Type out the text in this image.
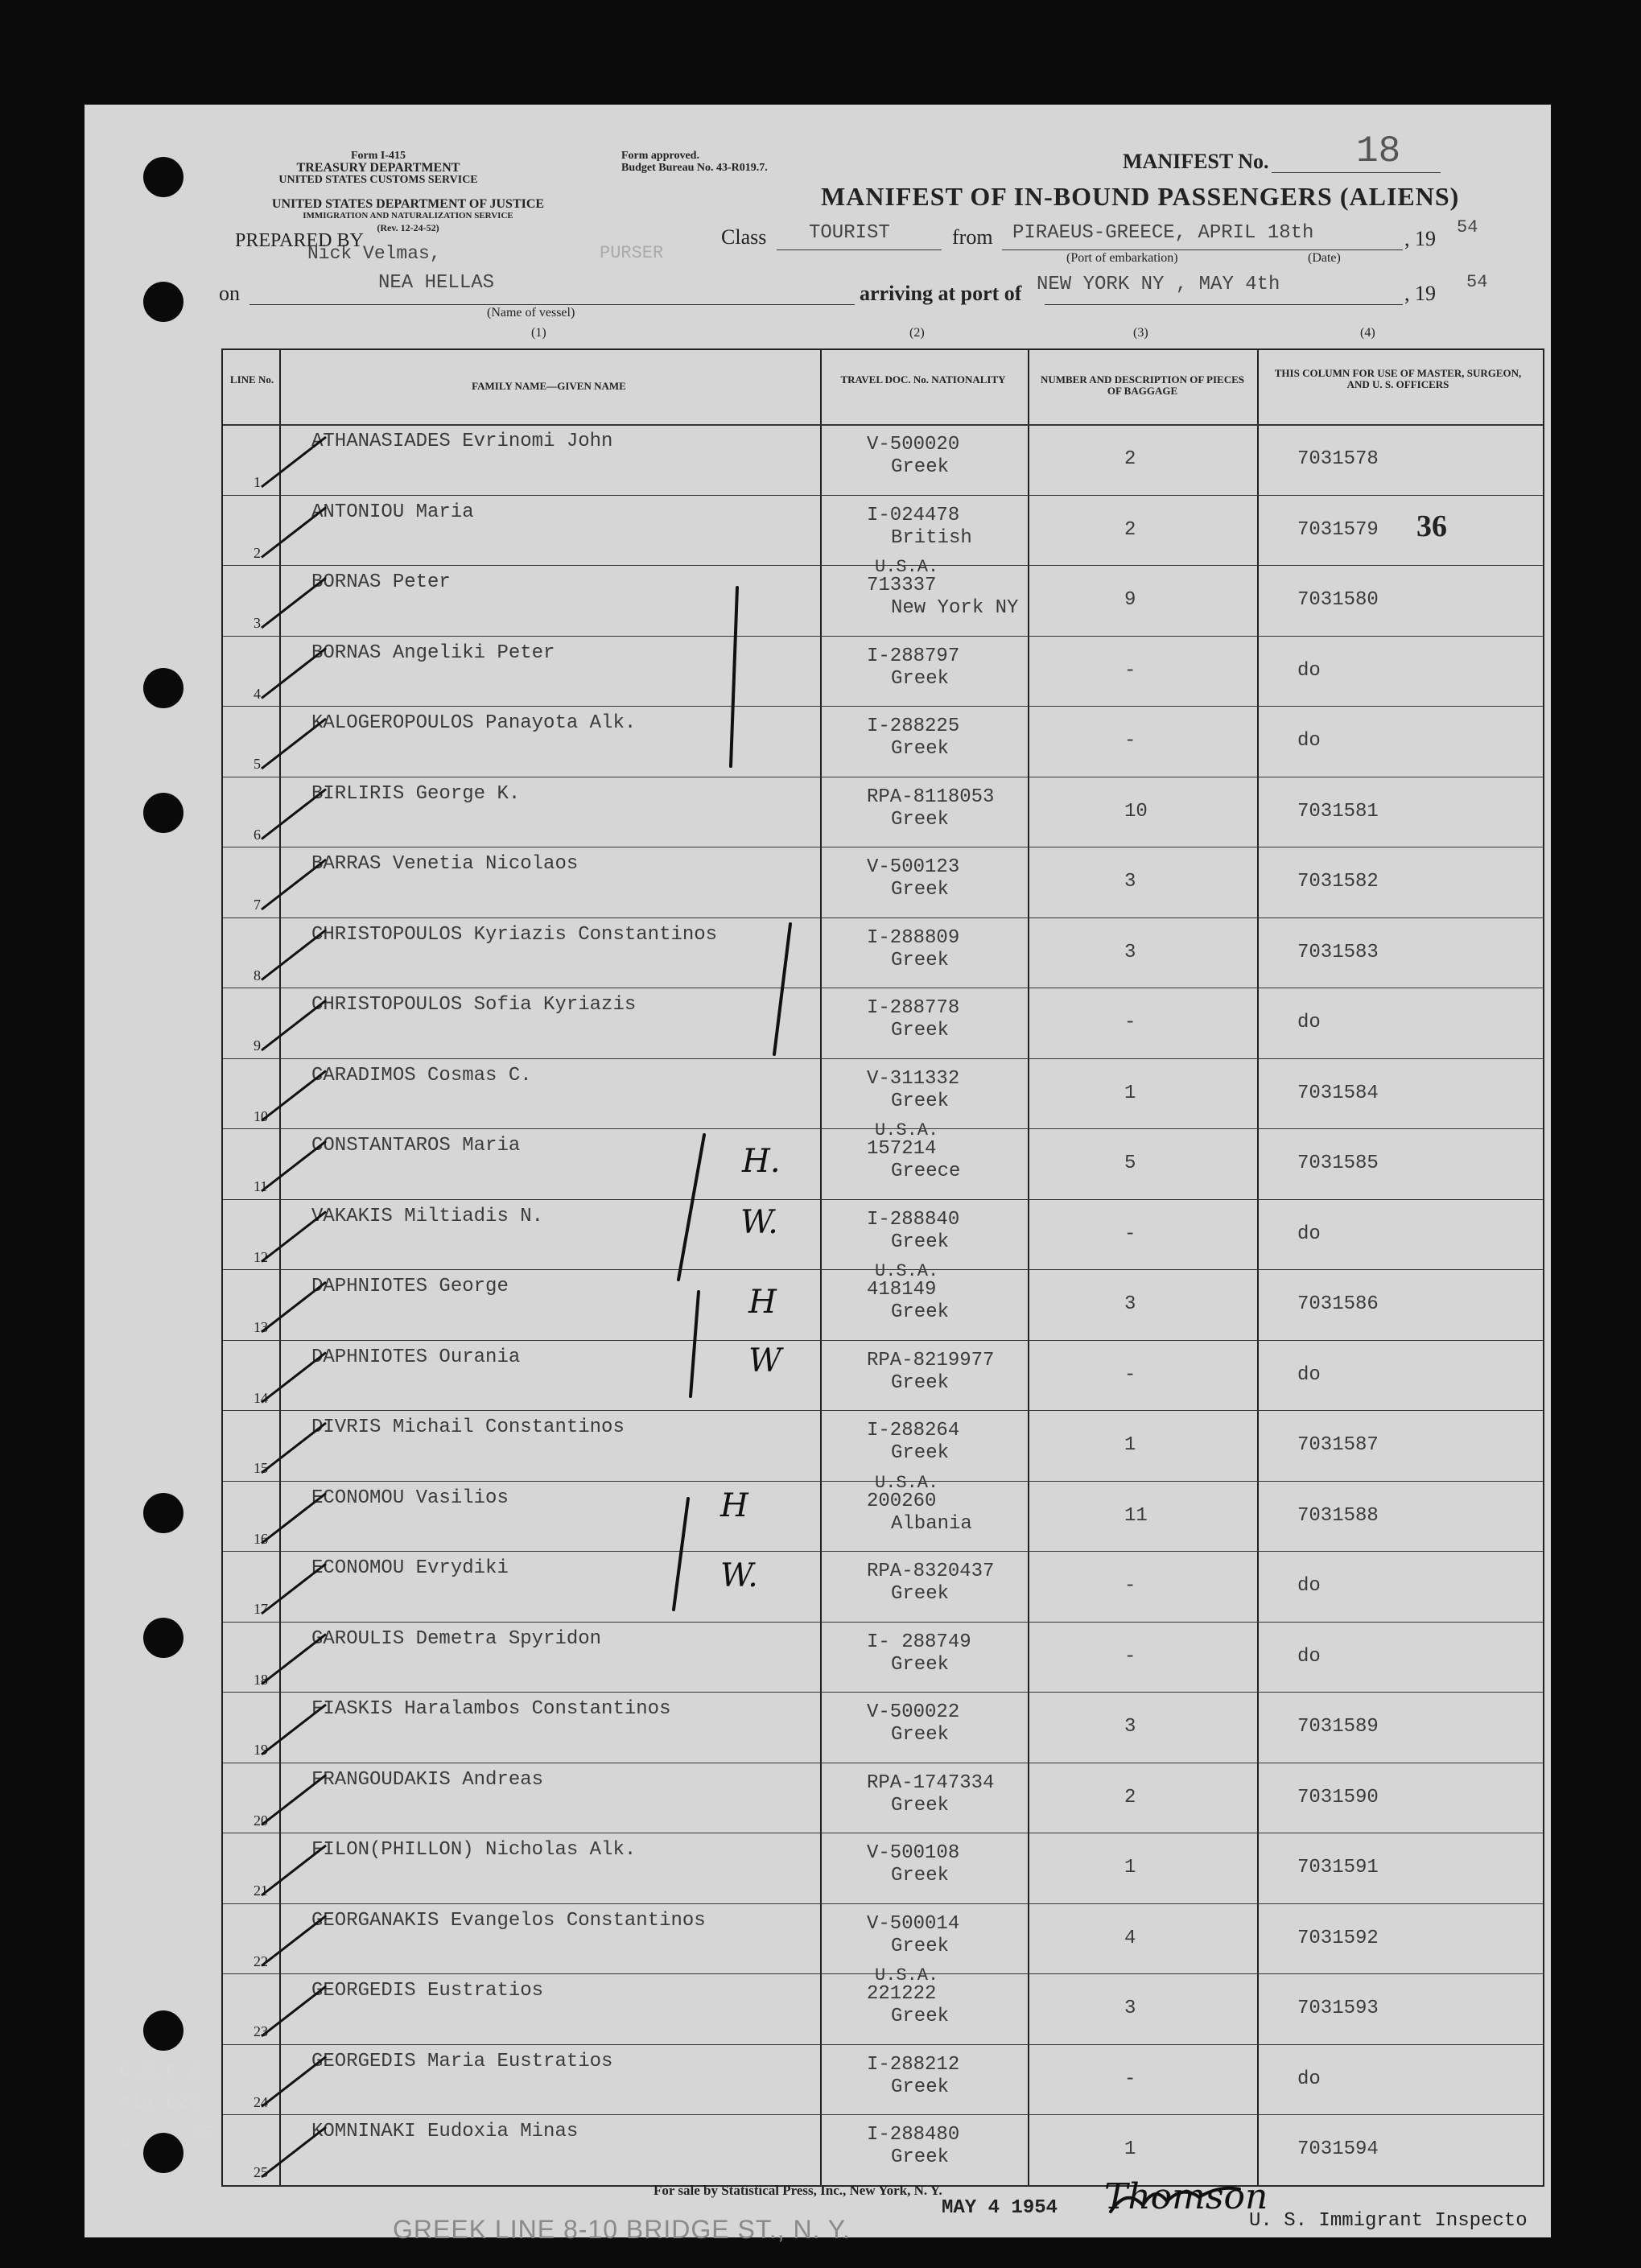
Form I-415
TREASURY DEPARTMENT
UNITED STATES CUSTOMS SERVICE
UNITED STATES DEPARTMENT OF JUSTICE
IMMIGRATION AND NATURALIZATION SERVICE
(Rev. 12-24-52)
Form approved.
Budget Bureau No. 43-R019.7.	MANIFEST No. 18
MANIFEST OF IN-BOUND PASSENGERS (ALIENS)
PREPARED BY
Nick Velmas,	PURSER
Class TOURIST	from PIRAEUS-GREECE, APRIL 18th	, 19 54
(Port of embarkation)	(Date)
on	NEA HELLAS
(Name of vessel)
arriving at port of NEW YORK NY , MAY 4th	, 19 54
(1)	(2)	(3)	(4)
LINE No.
FAMILY NAME—GIVEN NAME
TRAVEL DOC. No. NATIONALITY	NUMBER AND DESCRIPTION OF PIECES OF BAGGAGE
THIS COLUMN FOR USE OF MASTER, SURGEON, AND U. S. OFFICERS
1
ATHANASIADES Evrinomi John	V-500020
Greek	2	7031578
2
ANTONIOU Maria	I-024478
British	2	7031579
3
BORNAS Peter
U.S.A.
713337
New York NY	9	7031580
4
BORNAS Angeliki Peter	I-288797
Greek	-	do
5
KALOGEROPOULOS Panayota Alk.	I-288225
Greek	-	do
6
BIRLIRIS George K.	RPA-8118053
Greek	10	7031581
7
BARRAS Venetia Nicolaos	V-500123
Greek	3	7031582
8
CHRISTOPOULOS Kyriazis Constantinos	I-288809
Greek	3	7031583
9
CHRISTOPOULOS Sofia Kyriazis	I-288778
Greek	-	do
10
CARADIMOS Cosmas C.	V-311332
Greek	1	7031584
11
CONSTANTAROS Maria
U.S.A.
157214
Greece	5	7031585
12
VAKAKIS Miltiadis N.	I-288840
Greek	-	do
13
DAPHNIOTES George
U.S.A.
418149
Greek	3	7031586
14
DAPHNIOTES Ourania	RPA-8219977
Greek	-	do
15
DIVRIS Michail Constantinos	I-288264
Greek	1	7031587
16
ECONOMOU Vasilios
U.S.A.
200260
Albania	11	7031588
17
ECONOMOU Evrydiki	RPA-8320437
Greek	-	do
18
GAROULIS Demetra Spyridon	I- 288749
Greek	-	do
19
FIASKIS Haralambos Constantinos	V-500022
Greek	3	7031589
20
FRANGOUDAKIS Andreas	RPA-1747334
Greek	2	7031590
21
FILON(PHILLON) Nicholas Alk.	V-500108
Greek	1	7031591
22
GEORGANAKIS Evangelos Constantinos	V-500014
Greek	4	7031592
23
GEORGEDIS Eustratios
U.S.A.
221222
Greek	3	7031593
24
GEORGEDIS Maria Eustratios	I-288212
Greek	-	do
25
KOMNINAKI Eudoxia Minas	I-288480
Greek	1	7031594
36
H.
W.
H
W
H
W.
For sale by Statistical Press, Inc., New York, N. Y.
MAY 4 1954 Thomson
U. S. Immigrant Inspecto
GREEK LINE 8-10 BRIDGE ST., N. Y.
U.S.C 5
Ala.c20
8
25
